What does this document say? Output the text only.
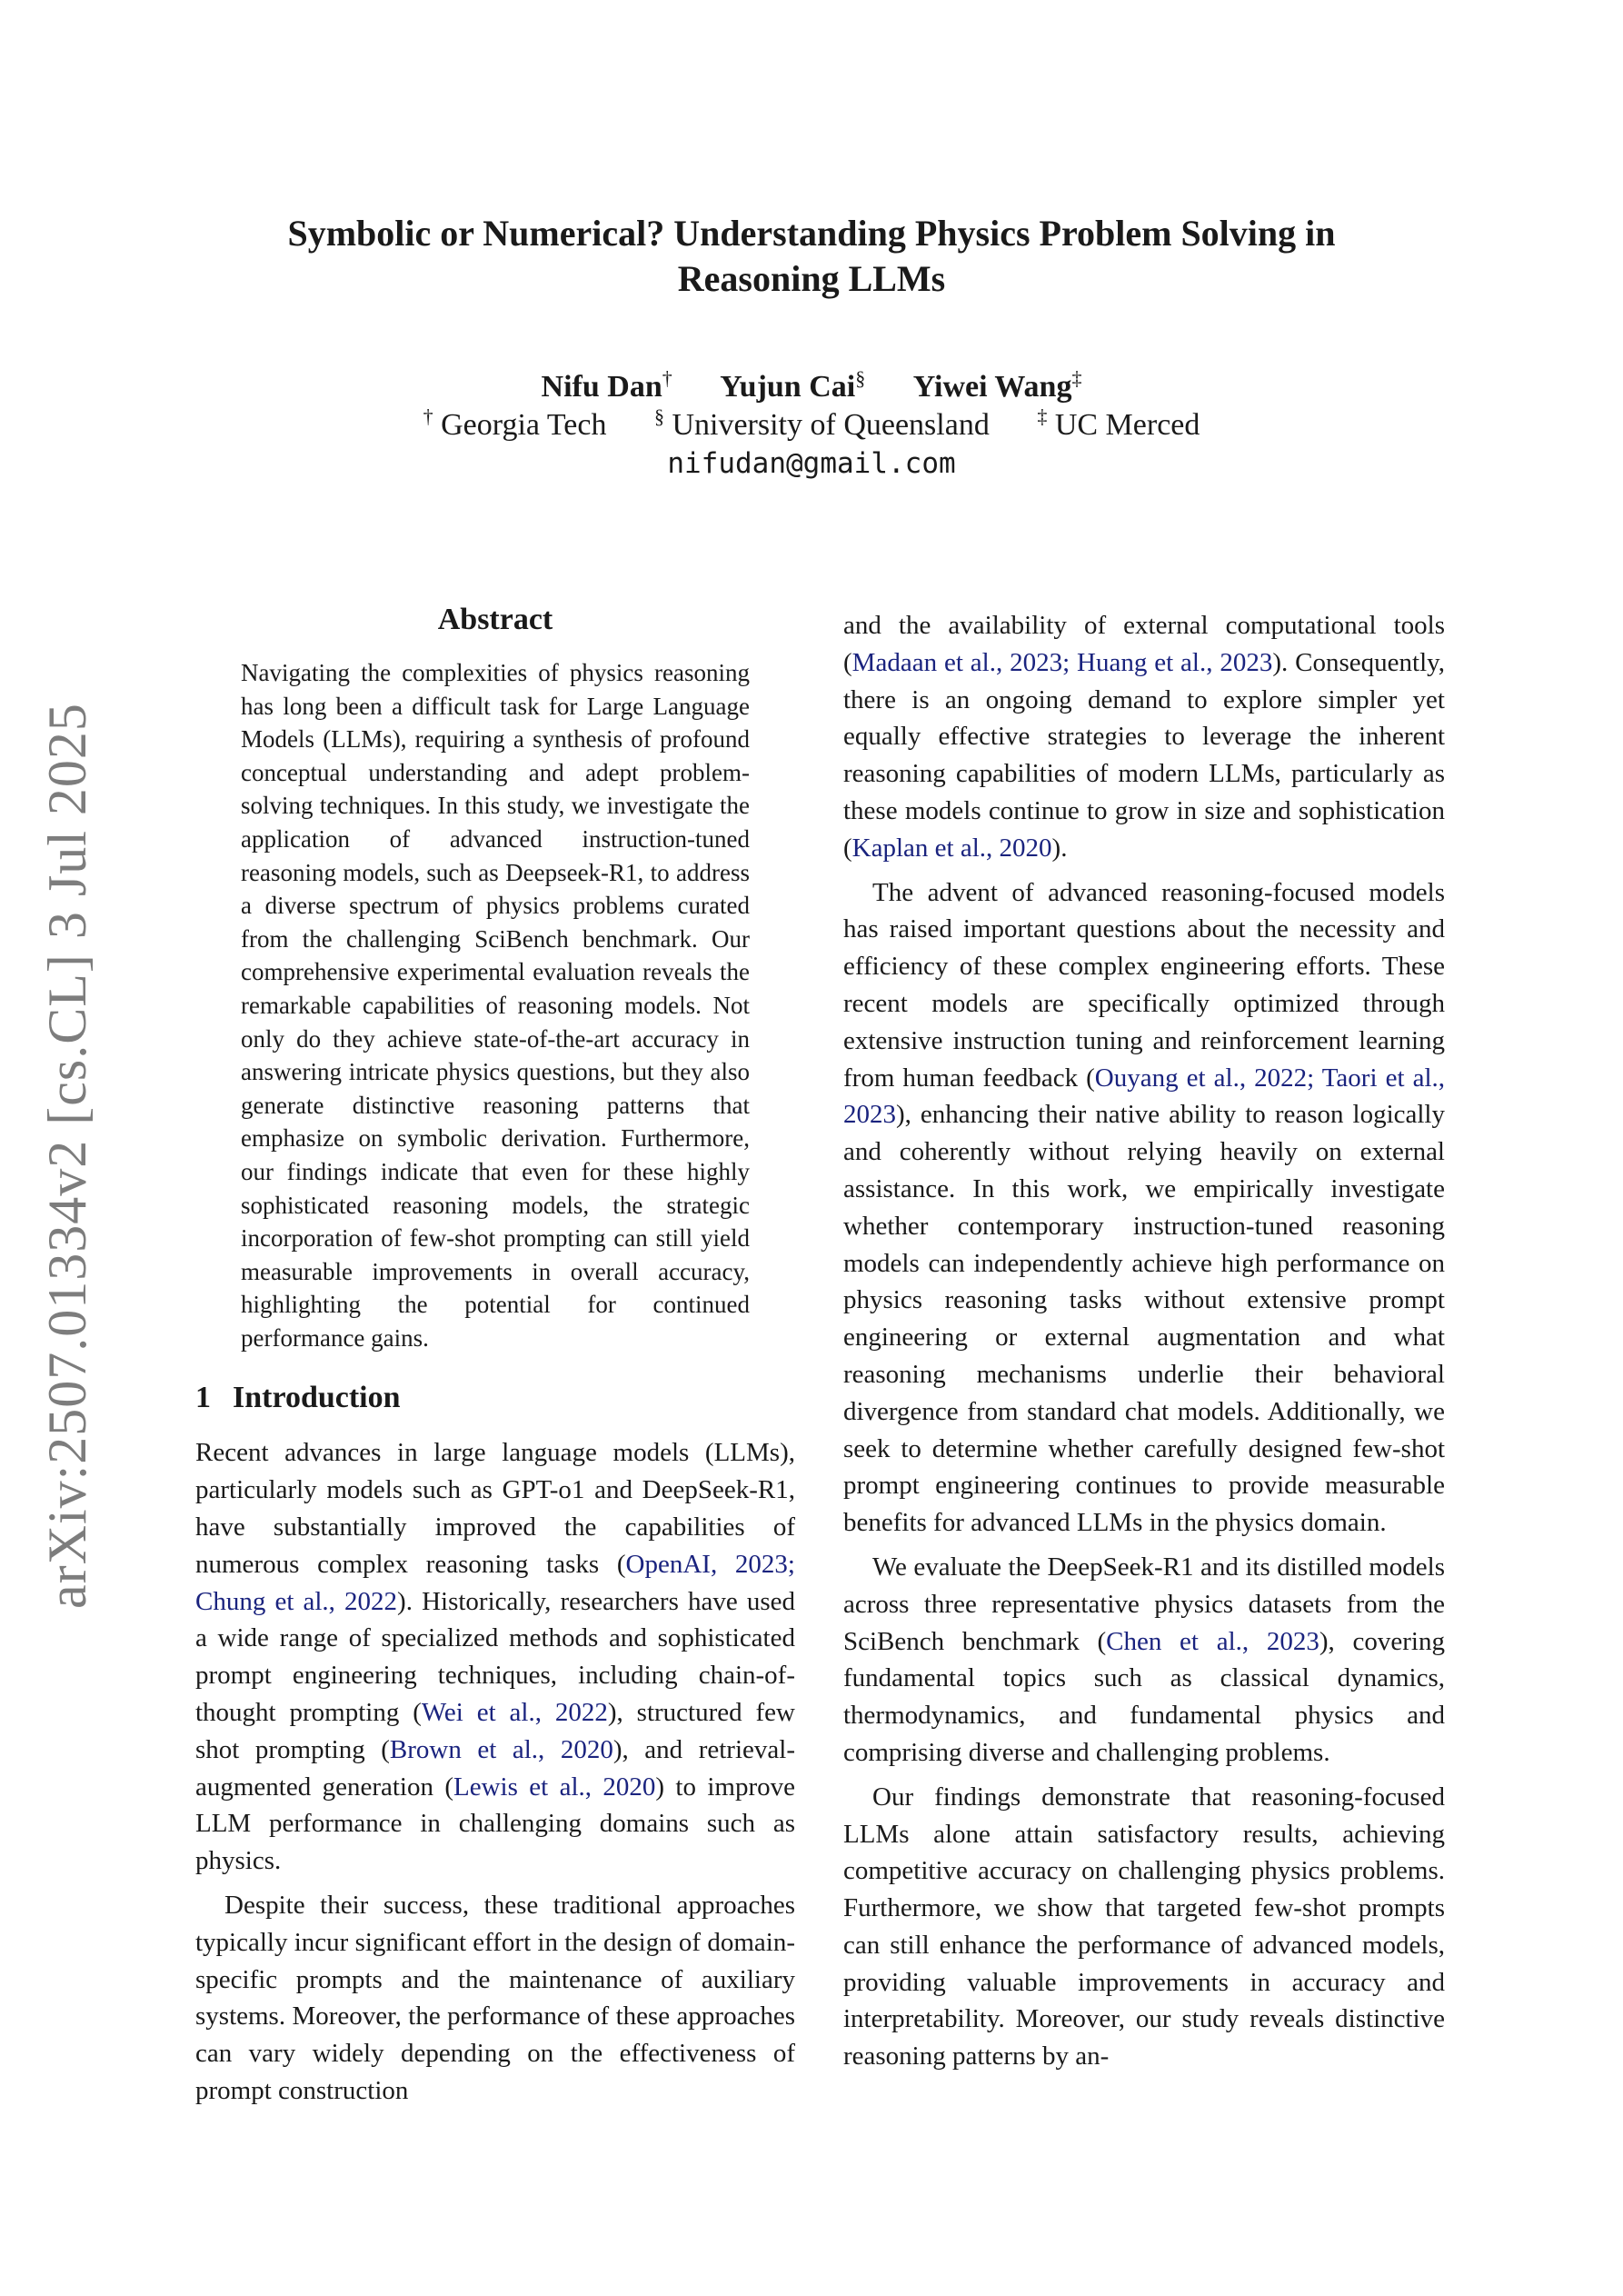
arXiv:2507.01334v2 [cs.CL] 3 Jul 2025
Symbolic or Numerical? Understanding Physics Problem Solving in
Reasoning LLMs
Nifu Dan† Yujun Cai§ Yiwei Wang‡
† Georgia Tech § University of Queensland ‡ UC Merced
nifudan@gmail.com
Abstract

Navigating the complexities of physics reasoning has long been a difficult task for Large Language Models (LLMs), requiring a synthesis of profound conceptual understanding and adept problem-solving techniques. In this study, we investigate the application of advanced instruction-tuned reasoning models, such as Deepseek-R1, to address a diverse spectrum of physics problems curated from the challenging SciBench benchmark. Our comprehensive experimental evaluation reveals the remarkable capabilities of reasoning models. Not only do they achieve state-of-the-art accuracy in answering intricate physics questions, but they also generate distinctive reasoning patterns that emphasize on symbolic derivation. Furthermore, our findings indicate that even for these highly sophisticated reasoning models, the strategic incorporation of few-shot prompting can still yield measurable improvements in overall accuracy, highlighting the potential for continued performance gains.

1 Introduction

Recent advances in large language models (LLMs), particularly models such as GPT-o1 and DeepSeek-R1, have substantially improved the capabilities of numerous complex reasoning tasks (OpenAI, 2023; Chung et al., 2022). Historically, researchers have used a wide range of specialized methods and sophisticated prompt engineering techniques, including chain-of-thought prompting (Wei et al., 2022), structured few shot prompting (Brown et al., 2020), and retrieval-augmented generation (Lewis et al., 2020) to improve LLM performance in challenging domains such as physics.

Despite their success, these traditional approaches typically incur significant effort in the design of domain-specific prompts and the maintenance of auxiliary systems. Moreover, the performance of these approaches can vary widely depending on the effectiveness of prompt construction

and the availability of external computational tools (Madaan et al., 2023; Huang et al., 2023). Consequently, there is an ongoing demand to explore simpler yet equally effective strategies to leverage the inherent reasoning capabilities of modern LLMs, particularly as these models continue to grow in size and sophistication (Kaplan et al., 2020).

The advent of advanced reasoning-focused models has raised important questions about the necessity and efficiency of these complex engineering efforts. These recent models are specifically optimized through extensive instruction tuning and reinforcement learning from human feedback (Ouyang et al., 2022; Taori et al., 2023), enhancing their native ability to reason logically and coherently without relying heavily on external assistance. In this work, we empirically investigate whether contemporary instruction-tuned reasoning models can independently achieve high performance on physics reasoning tasks without extensive prompt engineering or external augmentation and what reasoning mechanisms underlie their behavioral divergence from standard chat models. Additionally, we seek to determine whether carefully designed few-shot prompt engineering continues to provide measurable benefits for advanced LLMs in the physics domain.

We evaluate the DeepSeek-R1 and its distilled models across three representative physics datasets from the SciBench benchmark (Chen et al., 2023), covering fundamental topics such as classical dynamics, thermodynamics, and fundamental physics and comprising diverse and challenging problems.

Our findings demonstrate that reasoning-focused LLMs alone attain satisfactory results, achieving competitive accuracy on challenging physics problems. Furthermore, we show that targeted few-shot prompts can still enhance the performance of advanced models, providing valuable improvements in accuracy and interpretability. Moreover, our study reveals distinctive reasoning patterns by an-
